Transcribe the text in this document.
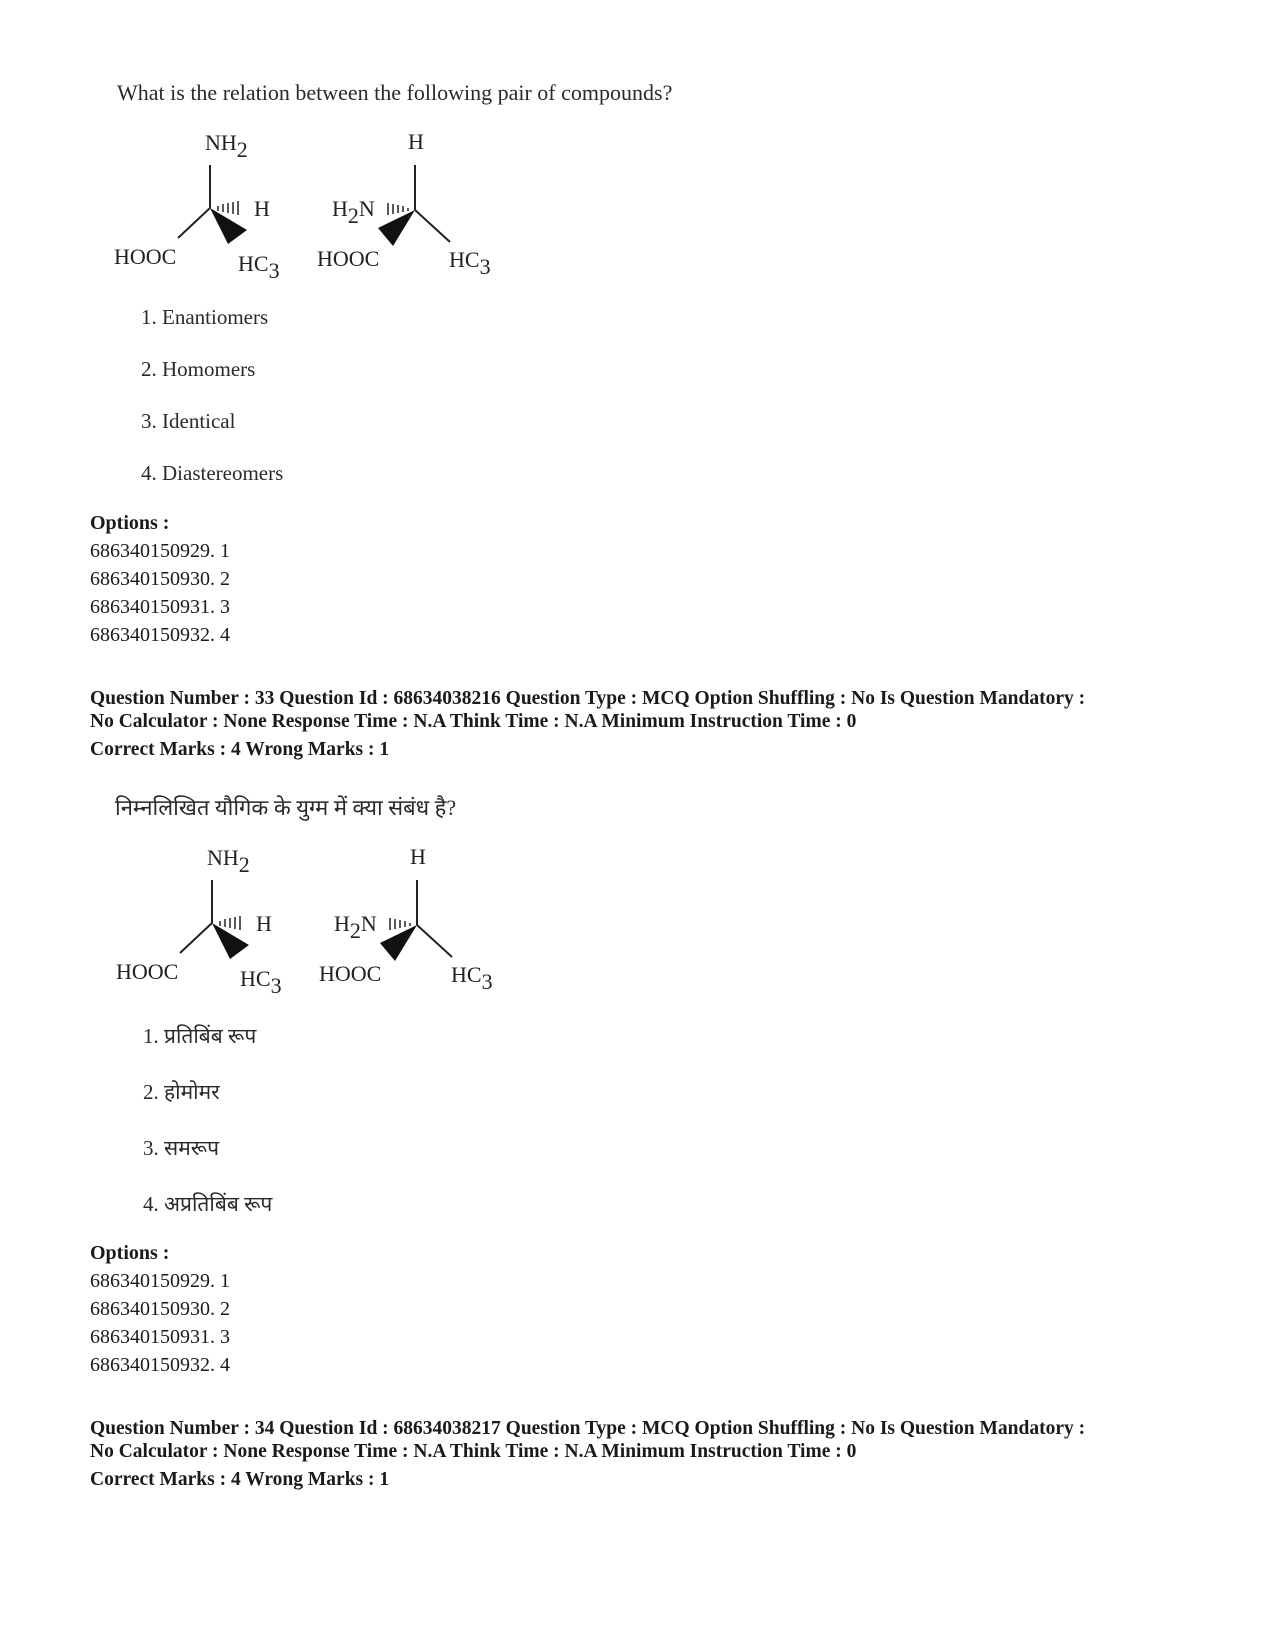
What is the relation between the following pair of compounds?
NH2
H
HOOC	HC3
H
H2N
HOOC	HC3
1. Enantiomers
2. Homomers
3. Identical
4. Diastereomers
Options :
686340150929. 1
686340150930. 2
686340150931. 3
686340150932. 4
Question Number : 33 Question Id : 68634038216 Question Type : MCQ Option Shuffling : No Is Question Mandatory :
No Calculator : None Response Time : N.A Think Time : N.A Minimum Instruction Time : 0
Correct Marks : 4 Wrong Marks : 1
निम्नलिखित यौगिक के युग्म में क्या संबंध है?
NH2
H
HOOC	HC3
H
H2N
HOOC	HC3
1. प्रतिबिंब रूप
2. होमोमर
3. समरूप
4. अप्रतिबिंब रूप
Options :
686340150929. 1
686340150930. 2
686340150931. 3
686340150932. 4
Question Number : 34 Question Id : 68634038217 Question Type : MCQ Option Shuffling : No Is Question Mandatory :
No Calculator : None Response Time : N.A Think Time : N.A Minimum Instruction Time : 0
Correct Marks : 4 Wrong Marks : 1
